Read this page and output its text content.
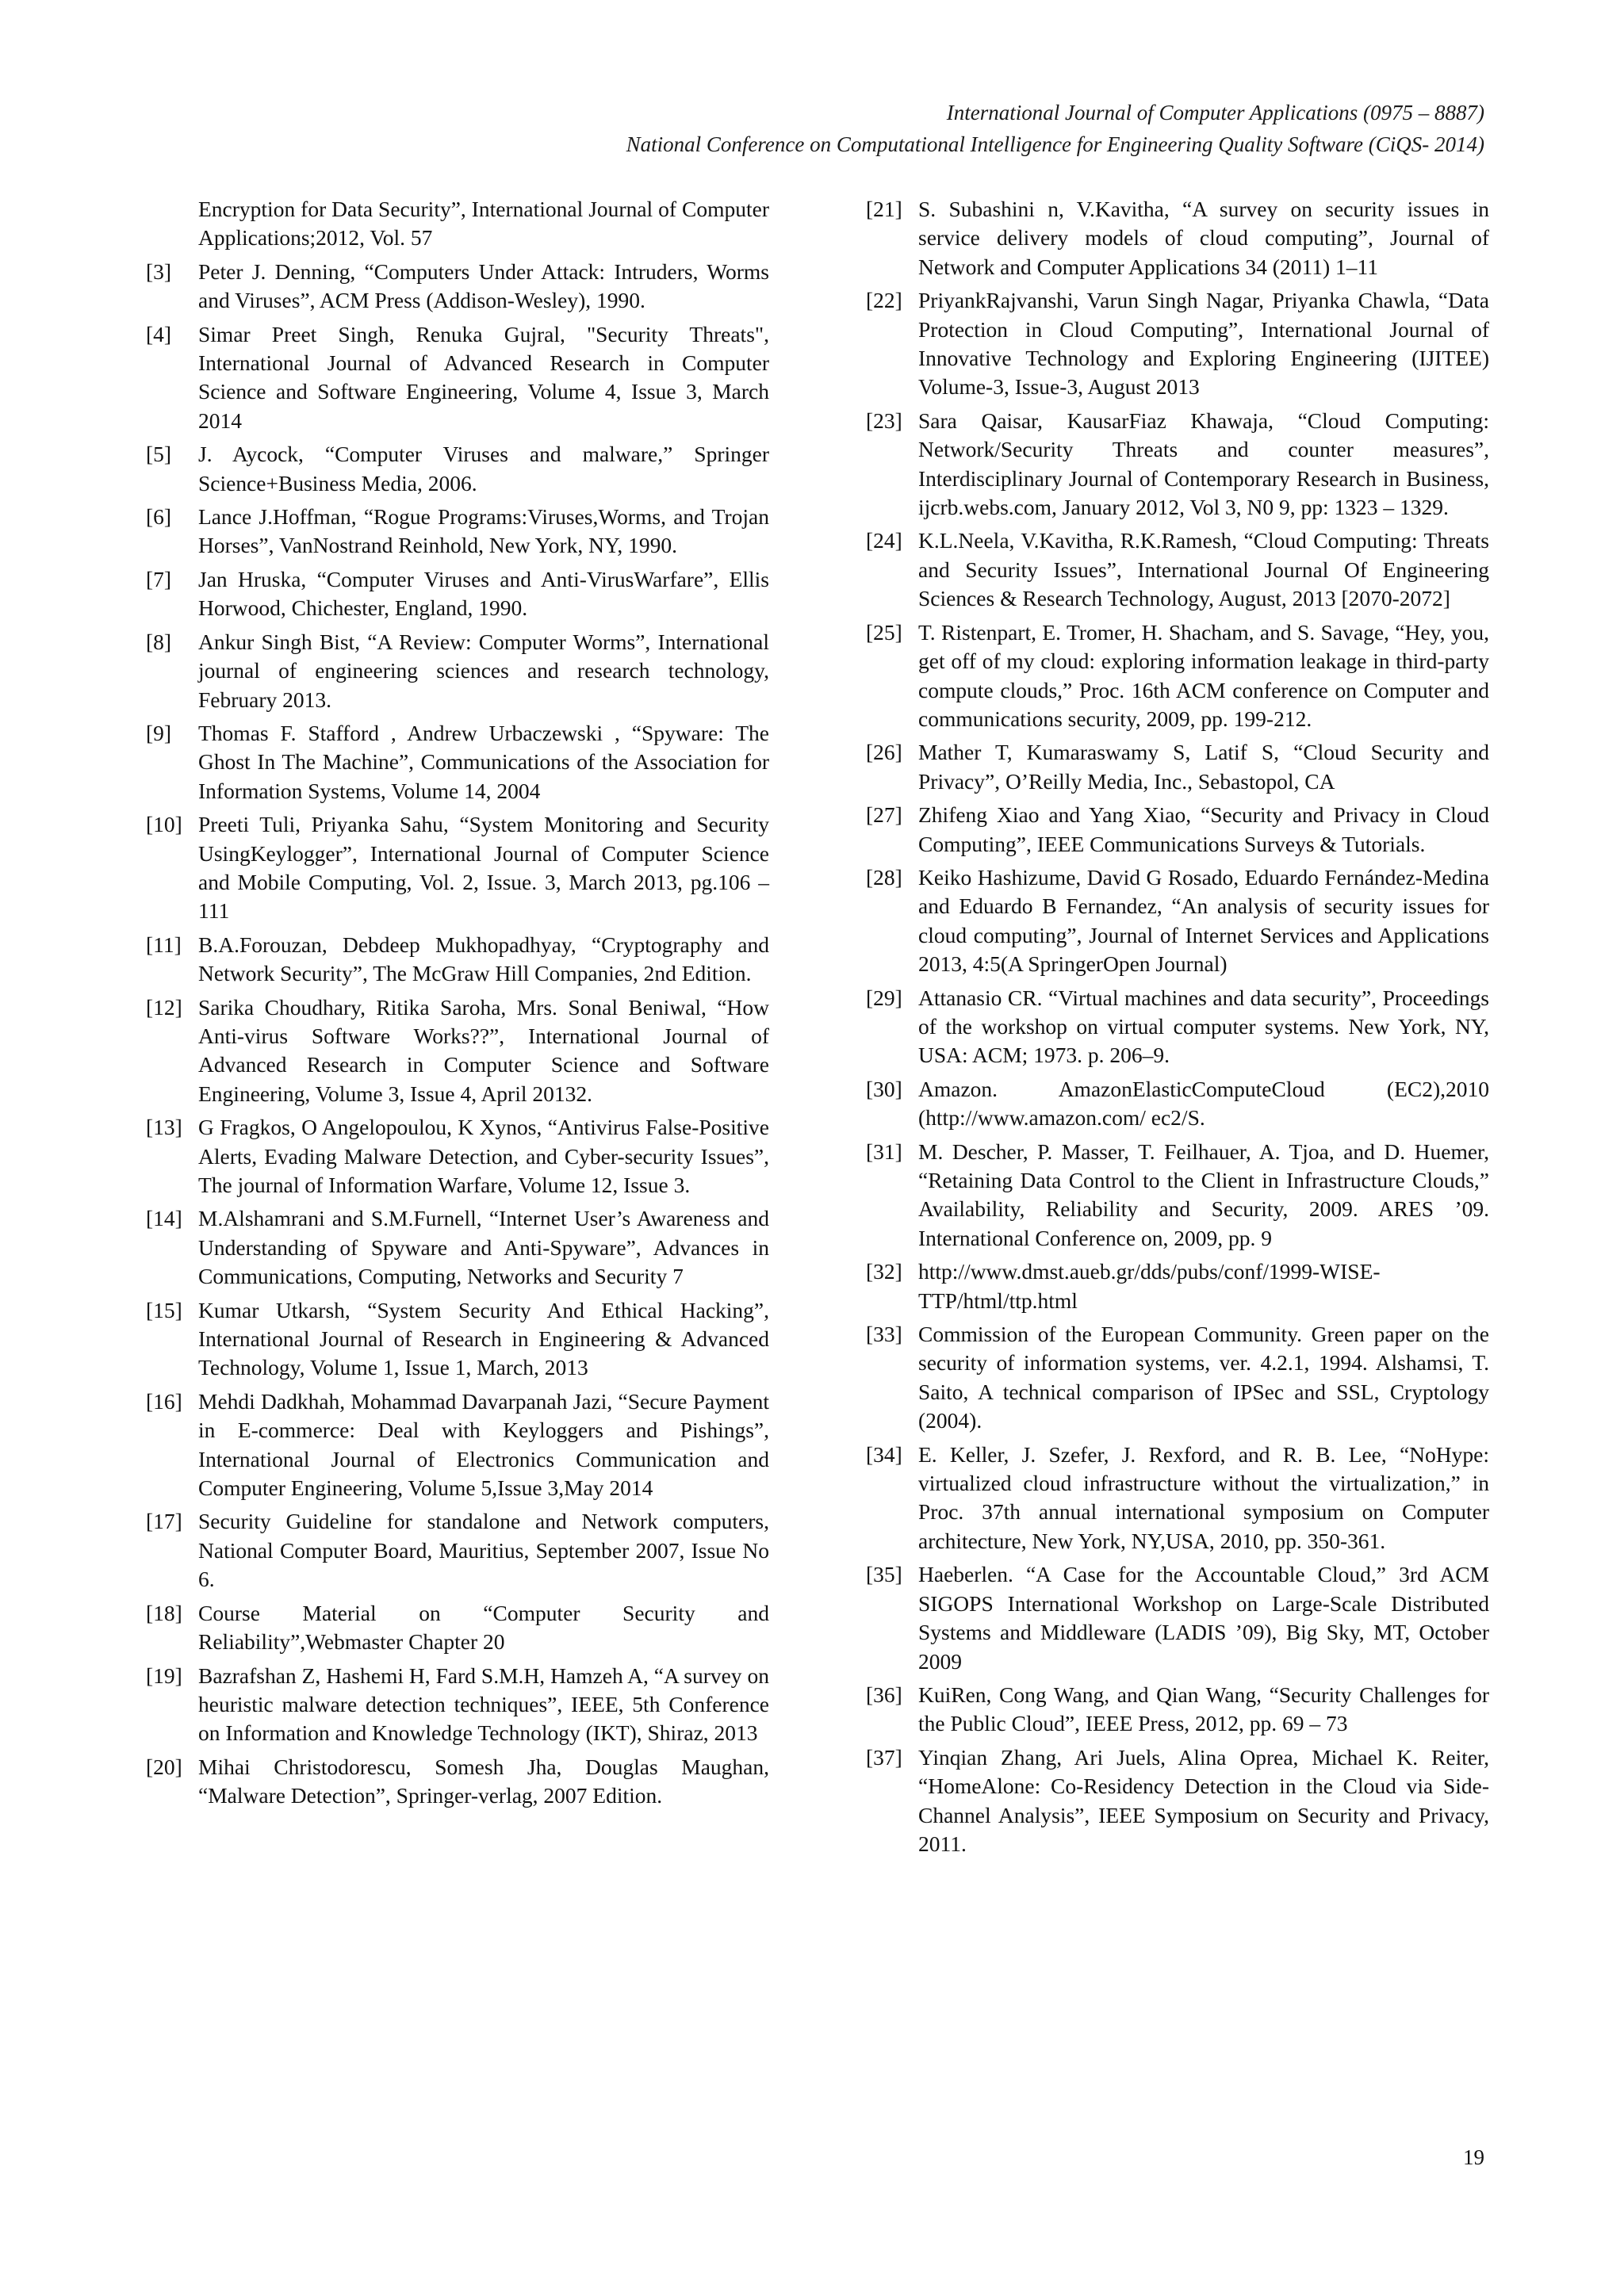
International Journal of Computer Applications (0975 – 8887)
National Conference on Computational Intelligence for Engineering Quality Software (CiQS- 2014)
Encryption for Data Security”, International Journal of Computer Applications;2012, Vol. 57
[3] Peter J. Denning, “Computers Under Attack: Intruders, Worms and Viruses”, ACM Press (Addison-Wesley), 1990.
[4] Simar Preet Singh, Renuka Gujral, "Security Threats", International Journal of Advanced Research in Computer Science and Software Engineering, Volume 4, Issue 3, March 2014
[5] J. Aycock, “Computer Viruses and malware,” Springer Science+Business Media, 2006.
[6] Lance J.Hoffman, “Rogue Programs:Viruses,Worms, and Trojan Horses”, VanNostrand Reinhold, New York, NY, 1990.
[7] Jan Hruska, “Computer Viruses and Anti-VirusWarfare”, Ellis Horwood, Chichester, England, 1990.
[8] Ankur Singh Bist, “A Review: Computer Worms”, International journal of engineering sciences and research technology, February 2013.
[9] Thomas F. Stafford , Andrew Urbaczewski , “Spyware: The Ghost In The Machine”, Communications of the Association for Information Systems, Volume 14, 2004
[10] Preeti Tuli, Priyanka Sahu, “System Monitoring and Security UsingKeylogger”, International Journal of Computer Science and Mobile Computing, Vol. 2, Issue. 3, March 2013, pg.106 – 111
[11] B.A.Forouzan, Debdeep Mukhopadhyay, “Cryptography and Network Security”, The McGraw Hill Companies, 2nd Edition.
[12] Sarika Choudhary, Ritika Saroha, Mrs. Sonal Beniwal, “How Anti-virus Software Works??”, International Journal of Advanced Research in Computer Science and Software Engineering, Volume 3, Issue 4, April 20132.
[13] G Fragkos, O Angelopoulou, K Xynos, “Antivirus False-Positive Alerts, Evading Malware Detection, and Cyber-security Issues”, The journal of Information Warfare, Volume 12, Issue 3.
[14] M.Alshamrani and S.M.Furnell, “Internet User’s Awareness and Understanding of Spyware and Anti-Spyware”, Advances in Communications, Computing, Networks and Security 7
[15] Kumar Utkarsh, “System Security And Ethical Hacking”, International Journal of Research in Engineering & Advanced Technology, Volume 1, Issue 1, March, 2013
[16] Mehdi Dadkhah, Mohammad Davarpanah Jazi, “Secure Payment in E-commerce: Deal with Keyloggers and Pishings”, International Journal of Electronics Communication and Computer Engineering, Volume 5,Issue 3,May 2014
[17] Security Guideline for standalone and Network computers, National Computer Board, Mauritius, September 2007, Issue No 6.
[18] Course Material on “Computer Security and Reliability”,Webmaster Chapter 20
[19] Bazrafshan Z, Hashemi H, Fard S.M.H, Hamzeh A, “A survey on heuristic malware detection techniques”, IEEE, 5th Conference on Information and Knowledge Technology (IKT), Shiraz, 2013
[20] Mihai Christodorescu, Somesh Jha, Douglas Maughan, “Malware Detection”, Springer-verlag, 2007 Edition.
[21] S. Subashini n, V.Kavitha, “A survey on security issues in service delivery models of cloud computing”, Journal of Network and Computer Applications 34 (2011) 1–11
[22] PriyankRajvanshi, Varun Singh Nagar, Priyanka Chawla, “Data Protection in Cloud Computing”, International Journal of Innovative Technology and Exploring Engineering (IJITEE) Volume-3, Issue-3, August 2013
[23] Sara Qaisar, KausarFiaz Khawaja, “Cloud Computing: Network/Security Threats and counter measures”, Interdisciplinary Journal of Contemporary Research in Business, ijcrb.webs.com, January 2012, Vol 3, N0 9, pp: 1323 – 1329.
[24] K.L.Neela, V.Kavitha, R.K.Ramesh, “Cloud Computing: Threats and Security Issues”, International Journal Of Engineering Sciences & Research Technology, August, 2013 [2070-2072]
[25] T. Ristenpart, E. Tromer, H. Shacham, and S. Savage, “Hey, you, get off of my cloud: exploring information leakage in third-party compute clouds,” Proc. 16th ACM conference on Computer and communications security, 2009, pp. 199-212.
[26] Mather T, Kumaraswamy S, Latif S, “Cloud Security and Privacy”, O’Reilly Media, Inc., Sebastopol, CA
[27] Zhifeng Xiao and Yang Xiao, “Security and Privacy in Cloud Computing”, IEEE Communications Surveys & Tutorials.
[28] Keiko Hashizume, David G Rosado, Eduardo Fernández-Medina and Eduardo B Fernandez, “An analysis of security issues for cloud computing”, Journal of Internet Services and Applications 2013, 4:5(A SpringerOpen Journal)
[29] Attanasio CR. “Virtual machines and data security”, Proceedings of the workshop on virtual computer systems. New York, NY, USA: ACM; 1973. p. 206–9.
[30] Amazon. AmazonElasticComputeCloud (EC2),2010 (http://www.amazon.com/ ec2/S.
[31] M. Descher, P. Masser, T. Feilhauer, A. Tjoa, and D. Huemer, “Retaining Data Control to the Client in Infrastructure Clouds,” Availability, Reliability and Security, 2009. ARES ’09. International Conference on, 2009, pp. 9
[32] http://www.dmst.aueb.gr/dds/pubs/conf/1999-WISE-TTP/html/ttp.html
[33] Commission of the European Community. Green paper on the security of information systems, ver. 4.2.1, 1994. Alshamsi, T. Saito, A technical comparison of IPSec and SSL, Cryptology (2004).
[34] E. Keller, J. Szefer, J. Rexford, and R. B. Lee, “NoHype: virtualized cloud infrastructure without the virtualization,” in Proc. 37th annual international symposium on Computer architecture, New York, NY,USA, 2010, pp. 350-361.
[35] Haeberlen. “A Case for the Accountable Cloud,” 3rd ACM SIGOPS International Workshop on Large-Scale Distributed Systems and Middleware (LADIS ’09), Big Sky, MT, October 2009
[36] KuiRen, Cong Wang, and Qian Wang, “Security Challenges for the Public Cloud”, IEEE Press, 2012, pp. 69 – 73
[37] Yinqian Zhang, Ari Juels, Alina Oprea, Michael K. Reiter, “HomeAlone: Co-Residency Detection in the Cloud via Side-Channel Analysis”, IEEE Symposium on Security and Privacy, 2011.
19
